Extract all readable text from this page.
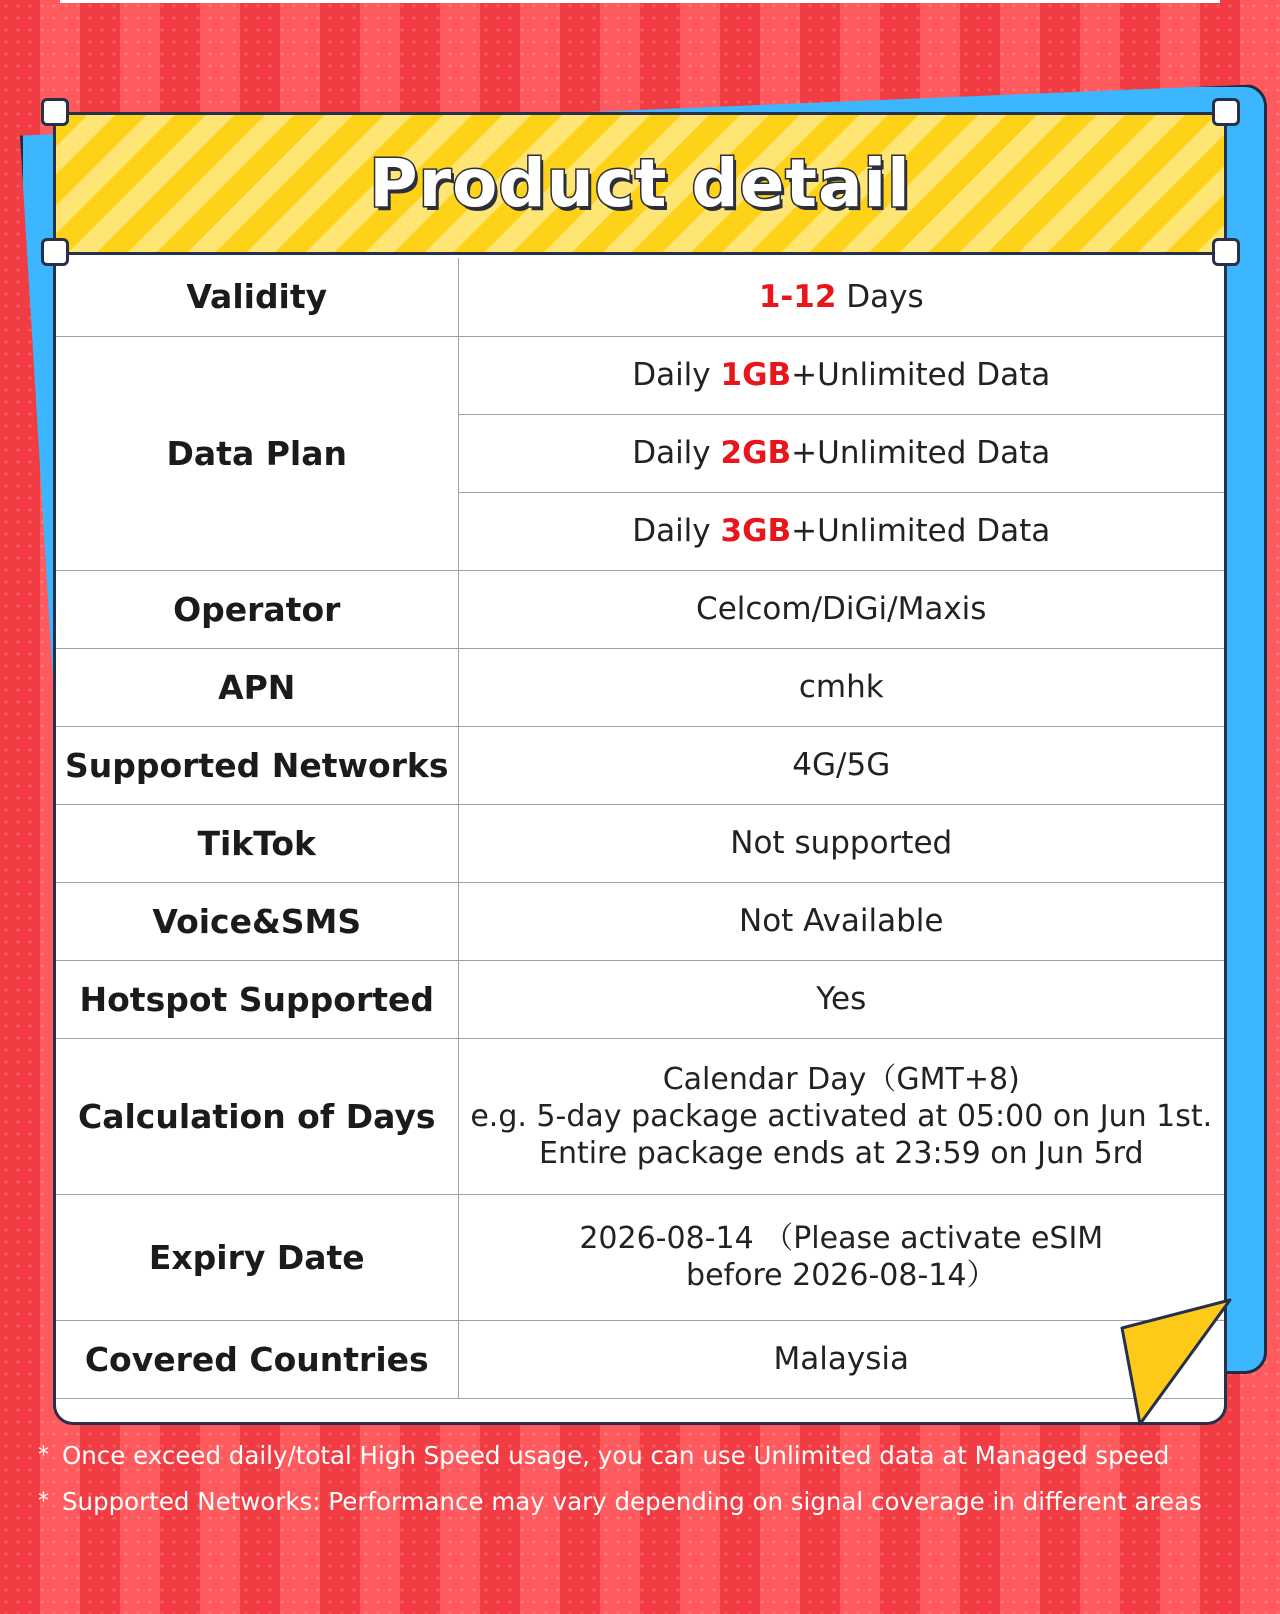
Product detail
Validity	1-12 Days
Data Plan	Daily 1GB+Unlimited Data
	Daily 2GB+Unlimited Data
	Daily 3GB+Unlimited Data
Operator	Celcom/DiGi/Maxis
APN	cmhk
Supported Networks	4G/5G
TikTok	Not supported
Voice&SMS	Not Available
Hotspot Supported	Yes
Calculation of Days	Calendar Day（GMT+8)
e.g. 5-day package activated at 05:00 on Jun 1st.
Entire package ends at 23:59 on Jun 5rd

Expiry Date	2026-08-14 （Please activate eSIM
before 2026-08-14）

Covered Countries	Malaysia
* Once exceed daily/total High Speed usage, you can use Unlimited data at Managed speed
* Supported Networks: Performance may vary depending on signal coverage in different areas
